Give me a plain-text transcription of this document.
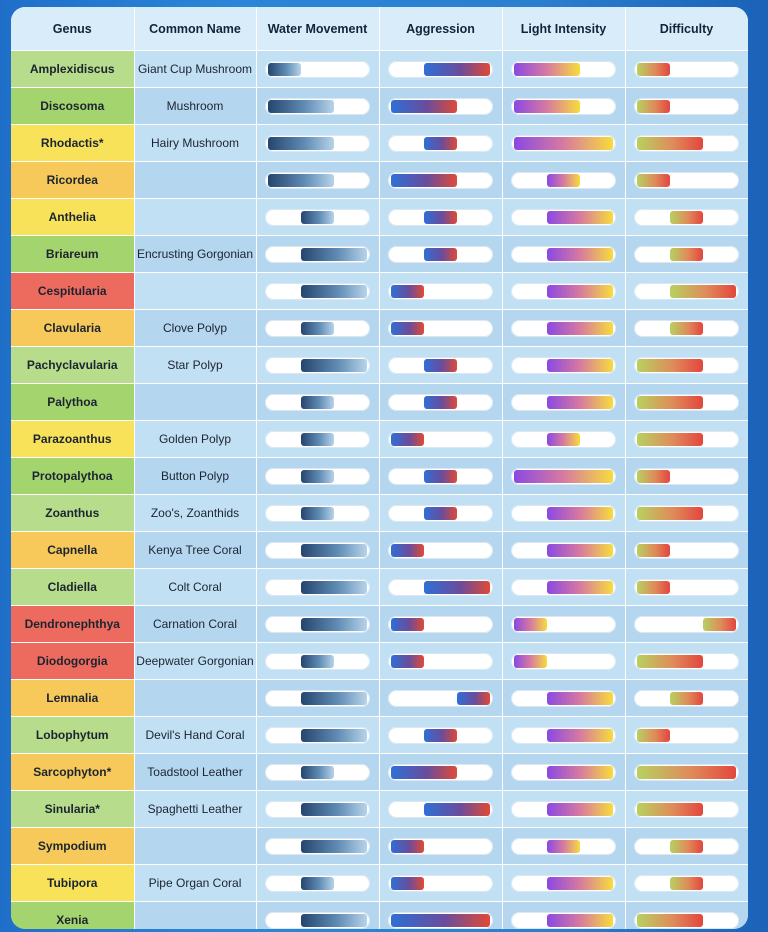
Genus	Common Name	Water Movement	Aggression	Light Intensity	Difficulty

Amplexidiscus	Giant Cup Mushroom	

Discosoma	Mushroom	

Rhodactis*	Hairy Mushroom	

Ricordea		

Anthelia		

Briareum	Encrusting Gorgonian	

Cespitularia		

Clavularia	Clove Polyp	

Pachyclavularia	Star Polyp	

Palythoa		

Parazoanthus	Golden Polyp	

Protopalythoa	Button Polyp	

Zoanthus	Zoo's, Zoanthids	

Capnella	Kenya Tree Coral	

Cladiella	Colt Coral	

Dendronephthya	Carnation Coral	

Diodogorgia	Deepwater Gorgonian	

Lemnalia		

Lobophytum	Devil's Hand Coral	

Sarcophyton*	Toadstool Leather	

Sinularia*	Spaghetti Leather	

Sympodium		

Tubipora	Pipe Organ Coral	

Xenia		
